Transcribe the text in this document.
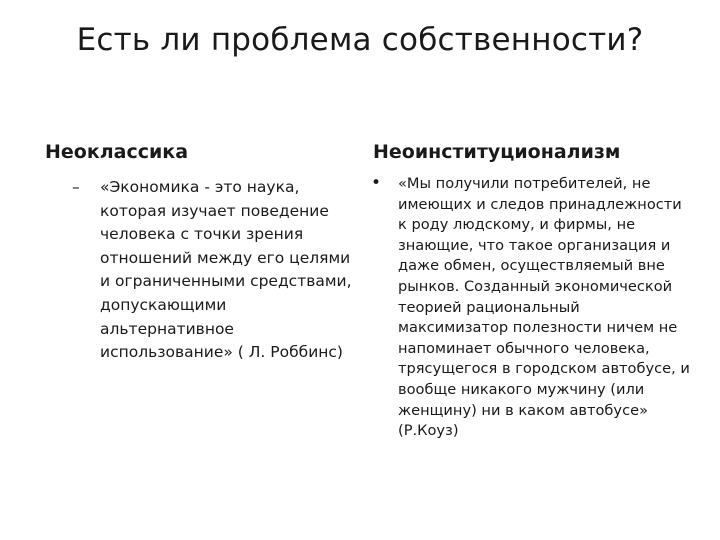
Есть ли проблема собственности?
Неоклассика
– «Экономика - это наука, которая изучает поведение человека с точки зрения отношений между его целями и ограниченными средствами, допускающими альтернативное использование» ( Л. Роббинс)

Неоинституционализм
• «Мы получили потребителей, не имеющих и следов принадлежности к роду людскому, и фирмы, не знающие, что такое организация и даже обмен, осуществляемый вне рынков. Созданный экономической теорией рациональный максимизатор полезности ничем не напоминает обычного человека, трясущегося в городском автобусе, и вообще никакого мужчину (или женщину) ни в каком автобусе» (Р.Коуз)
